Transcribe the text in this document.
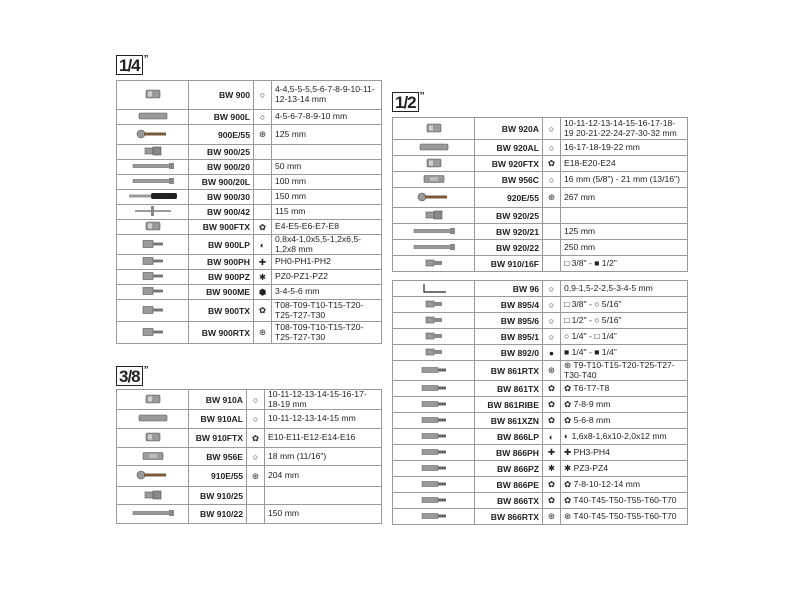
1/4 ”
3/8 ”
1/2 ”
	BW 900	○	4-4,5-5-5,5-6-7-8-9-10-11-12-13-14 mm

	BW 900L	○	4-5-6-7-8-9-10 mm

	900E/55	⊛	125 mm

	BW 900/25		

	BW 900/20		50 mm

	BW 900/20L		100 mm

	BW 900/30		150 mm

	BW 900/42		115 mm

	BW 900FTX	✿	E4-E5-E6-E7-E8

	BW 900LP	◐	0,8x4-1,0x5,5-1,2x6,5-1,2x8 mm

	BW 900PH	✚	PH0-PH1-PH2

	BW 900PZ	✱	PZ0-PZ1-PZ2

	BW 900ME	⬢	3-4-5-6 mm

	BW 900TX	✿	T08-T09-T10-T15-T20-T25-T27-T30

	BW 900RTX	⊛	T08-T09-T10-T15-T20-T25-T27-T30
	BW 910A	○	10-11-12-13-14-15-16-17-18-19 mm

	BW 910AL	○	10-11-12-13-14-15 mm

	BW 910FTX	✿	E10-E11-E12-E14-E16

	BW 956E	○	18 mm (11/16")

	910E/55	⊛	204 mm

	BW 910/25		

	BW 910/22		150 mm
	BW 920A	○	10-11-12-13-14-15-16-17-18-19 20-21-22-24-27-30-32 mm

	BW 920AL	○	16-17-18-19-22 mm

	BW 920FTX	✿	E18-E20-E24

	BW 956C	○	16 mm (5/8") - 21 mm (13/16")

	920E/55	⊛	267 mm

	BW 920/25		

	BW 920/21		125 mm

	BW 920/22		250 mm

	BW 910/16F		□ 3/8" - ■ 1/2"
	BW 96	○	0,9-1,5-2-2,5-3-4-5 mm

	BW 895/4	○	□ 3/8" - ○ 5/16"

	BW 895/6	○	□ 1/2" - ○ 5/16"

	BW 895/1	○	○ 1/4" - □ 1/4"

	BW 892/0	●	■ 1/4" - ■ 1/4"

	BW 861RTX	⊛	⊛ T9-T10-T15-T20-T25-T27-T30-T40

	BW 861TX	✿	✿ T6-T7-T8

	BW 861RIBE	✿	✿ 7-8-9 mm

	BW 861XZN	✿	✿ 5-6-8 mm

	BW 866LP	◐	◐ 1,6x8-1,6x10-2,0x12 mm

	BW 866PH	✚	✚ PH3-PH4

	BW 866PZ	✱	✱ PZ3-PZ4

	BW 866PE	✿	✿ 7-8-10-12-14 mm

	BW 866TX	✿	✿ T40-T45-T50-T55-T60-T70

	BW 866RTX	⊛	⊛ T40-T45-T50-T55-T60-T70
